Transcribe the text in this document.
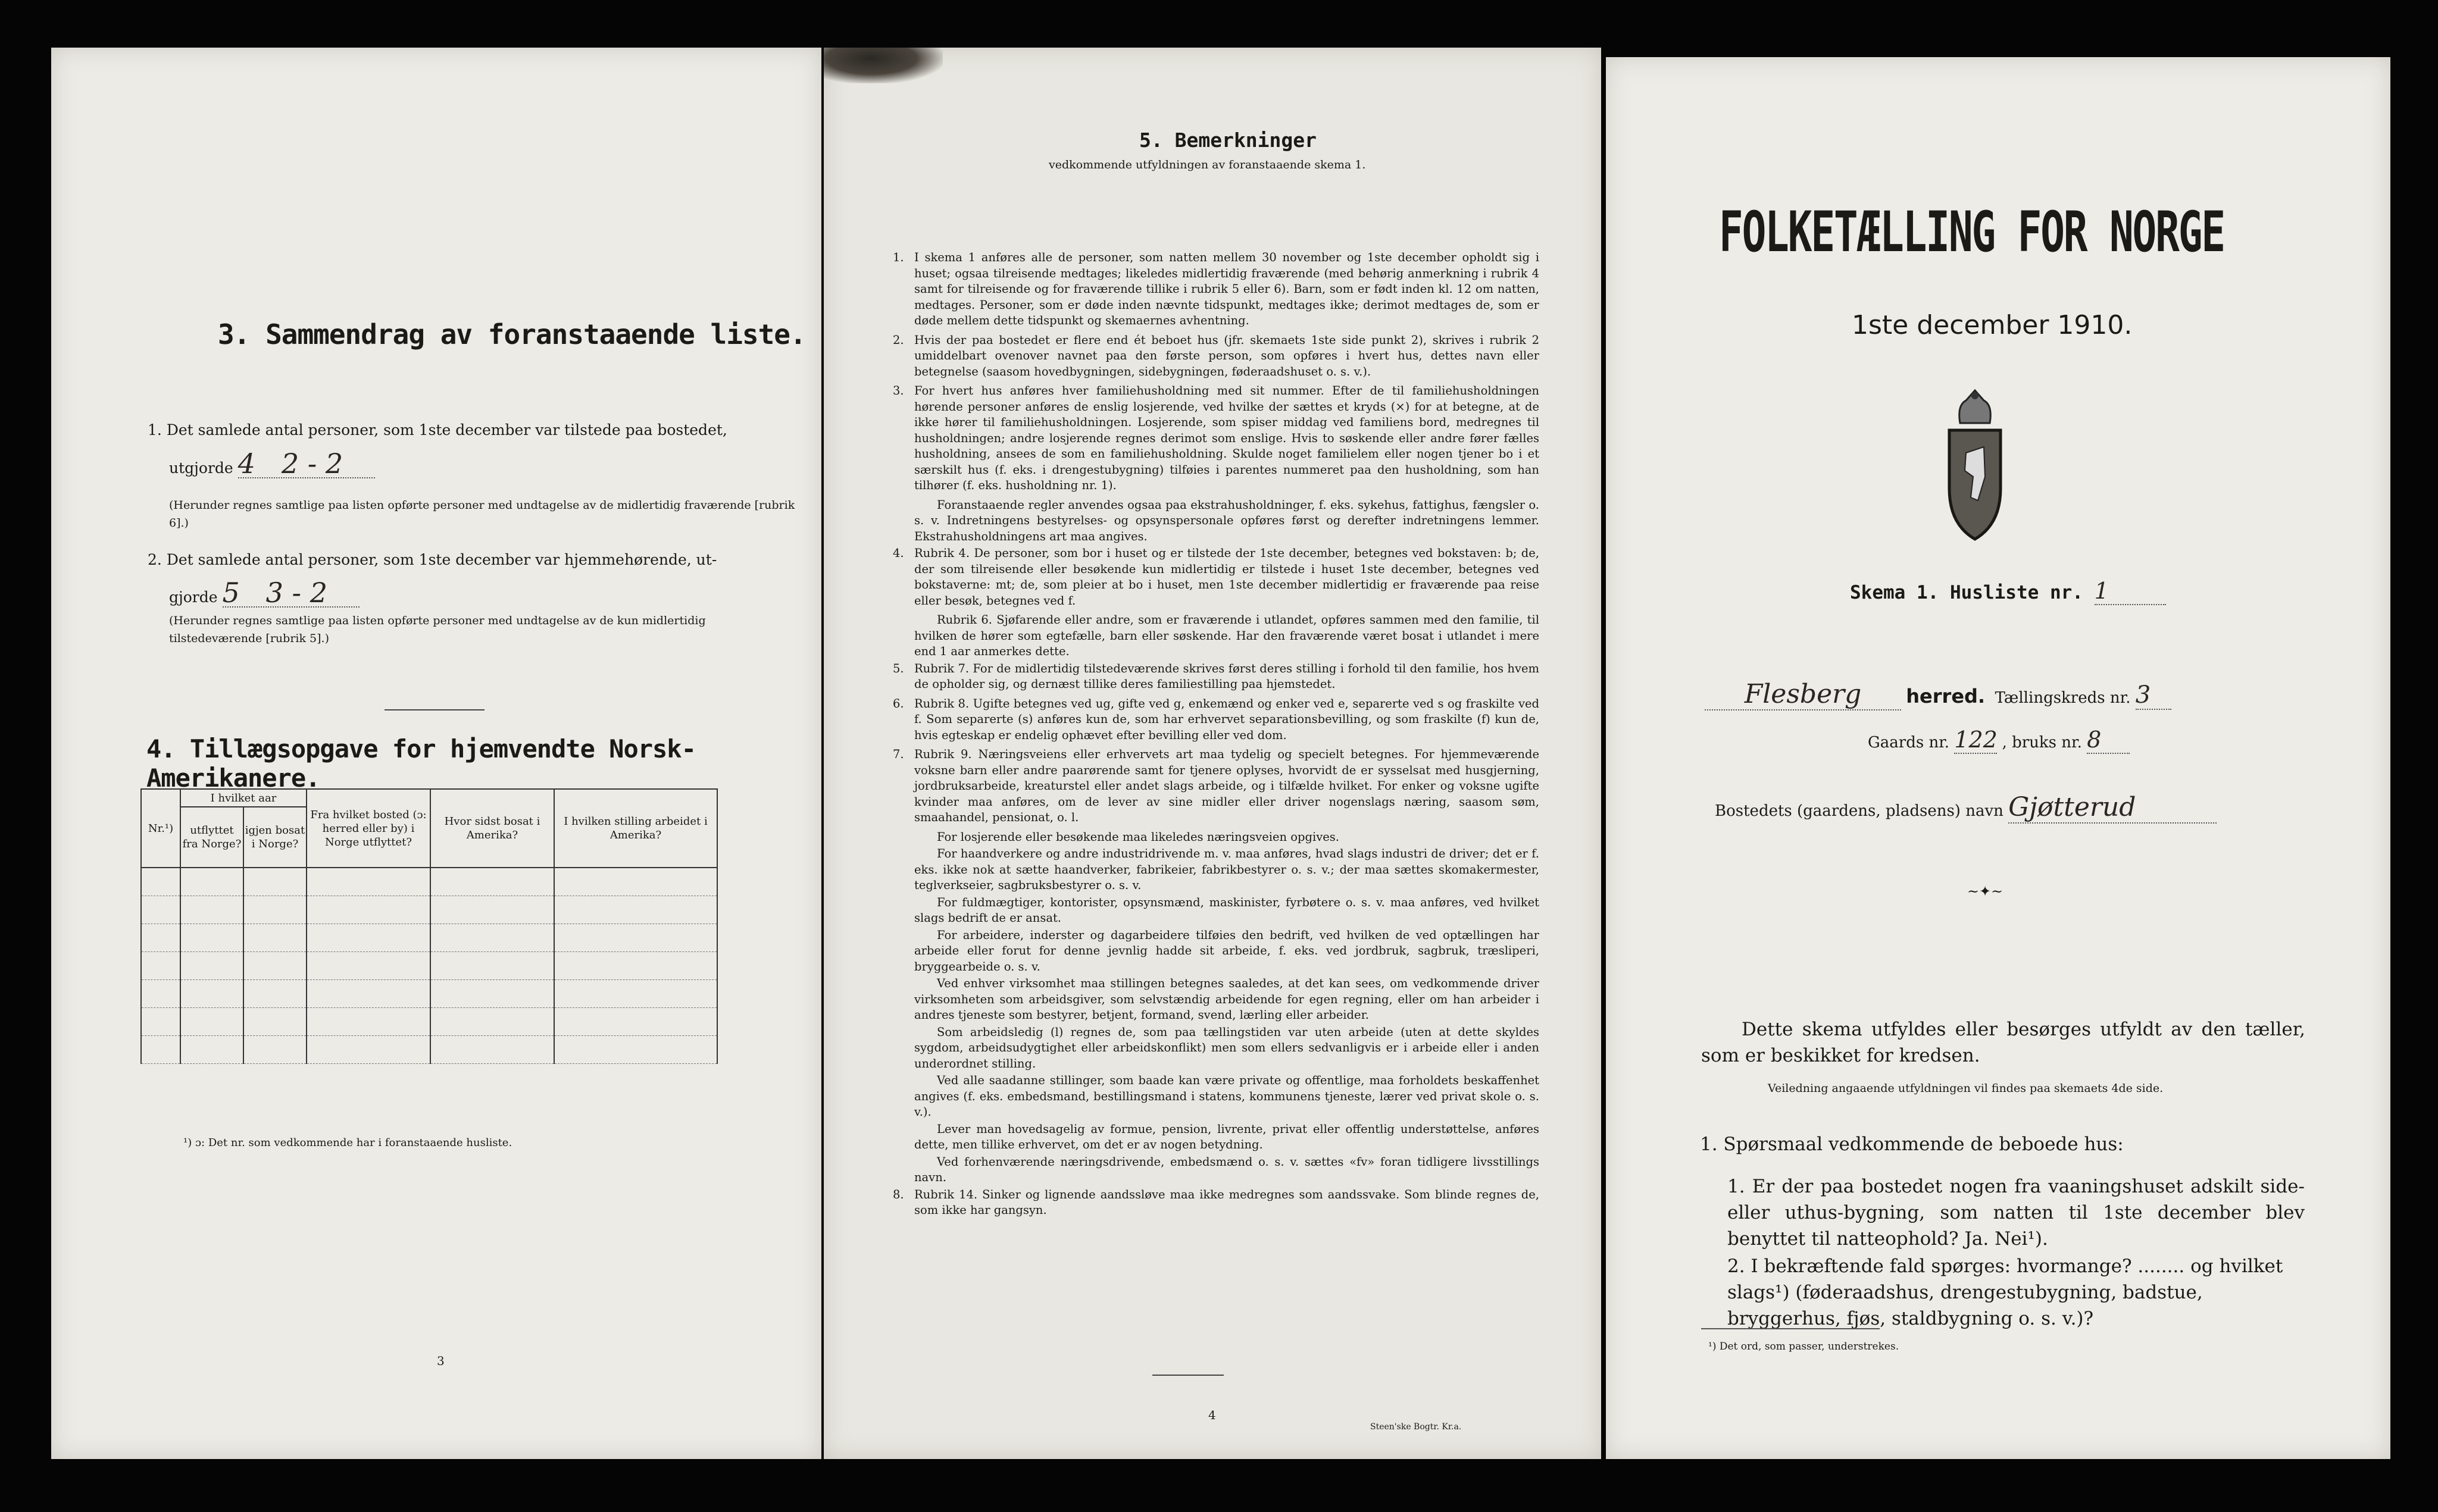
3. Sammendrag av foranstaaende liste.
1. Det samlede antal personer, som 1ste december var tilstede paa bostedet,
utgjorde 4 2 - 2
(Herunder regnes samtlige paa listen opførte personer med undtagelse av de midlertidig fraværende [rubrik 6].)
2. Det samlede antal personer, som 1ste december var hjemmehørende, ut-
gjorde 5 3 - 2
(Herunder regnes samtlige paa listen opførte personer med undtagelse av de kun midlertidig tilstedeværende [rubrik 5].)
4. Tillægsopgave for hjemvendte Norsk-Amerikanere.
Nr.¹)	I hvilket aar		Fra hvilket bosted (ɔ: herred eller by) i Norge utflyttet?	Hvor sidst bosat i Amerika?	I hvilken stilling arbeidet i Amerika?
	utflyttet fra Norge?	igjen bosat i Norge?			

¹) ɔ: Det nr. som vedkommende har i foranstaaende husliste.
3
5. Bemerkninger
vedkommende utfyldningen av foranstaaende skema 1.
1. I skema 1 anføres alle de personer, som natten mellem 30 november og 1ste december opholdt sig i huset; ogsaa tilreisende medtages; likeledes midlertidig fraværende (med behørig anmerkning i rubrik 4 samt for tilreisende og for fraværende tillike i rubrik 5 eller 6). Barn, som er født inden kl. 12 om natten, medtages. Personer, som er døde inden nævnte tidspunkt, medtages ikke; derimot medtages de, som er døde mellem dette tidspunkt og skemaernes avhentning.
2. Hvis der paa bostedet er flere end ét beboet hus (jfr. skemaets 1ste side punkt 2), skrives i rubrik 2 umiddelbart ovenover navnet paa den første person, som opføres i hvert hus, dettes navn eller betegnelse (saasom hovedbygningen, sidebygningen, føderaadshuset o. s. v.).
3. For hvert hus anføres hver familiehusholdning med sit nummer. Efter de til familiehusholdningen hørende personer anføres de enslig losjerende, ved hvilke der sættes et kryds (×) for at betegne, at de ikke hører til familiehusholdningen. Losjerende, som spiser middag ved familiens bord, medregnes til husholdningen; andre losjerende regnes derimot som enslige. Hvis to søskende eller andre fører fælles husholdning, ansees de som en familiehusholdning. Skulde noget familielem eller nogen tjener bo i et særskilt hus (f. eks. i drengestubygning) tilføies i parentes nummeret paa den husholdning, som han tilhører (f. eks. husholdning nr. 1).
Foranstaaende regler anvendes ogsaa paa ekstrahusholdninger, f. eks. sykehus, fattighus, fængsler o. s. v. Indretningens bestyrelses- og opsynspersonale opføres først og derefter indretningens lemmer. Ekstrahusholdningens art maa angives.
4. Rubrik 4. De personer, som bor i huset og er tilstede der 1ste december, betegnes ved bokstaven: b; de, der som tilreisende eller besøkende kun midlertidig er tilstede i huset 1ste december, betegnes ved bokstaverne: mt; de, som pleier at bo i huset, men 1ste december midlertidig er fraværende paa reise eller besøk, betegnes ved f.
Rubrik 6. Sjøfarende eller andre, som er fraværende i utlandet, opføres sammen med den familie, til hvilken de hører som egtefælle, barn eller søskende. Har den fraværende været bosat i utlandet i mere end 1 aar anmerkes dette.
5. Rubrik 7. For de midlertidig tilstedeværende skrives først deres stilling i forhold til den familie, hos hvem de opholder sig, og dernæst tillike deres familiestilling paa hjemstedet.
6. Rubrik 8. Ugifte betegnes ved ug, gifte ved g, enkemænd og enker ved e, separerte ved s og fraskilte ved f. Som separerte (s) anføres kun de, som har erhvervet separationsbevilling, og som fraskilte (f) kun de, hvis egteskap er endelig ophævet efter bevilling eller ved dom.
7. Rubrik 9. Næringsveiens eller erhvervets art maa tydelig og specielt betegnes. For hjemmeværende voksne barn eller andre paarørende samt for tjenere oplyses, hvorvidt de er sysselsat med husgjerning, jordbruksarbeide, kreaturstel eller andet slags arbeide, og i tilfælde hvilket. For enker og voksne ugifte kvinder maa anføres, om de lever av sine midler eller driver nogenslags næring, saasom søm, smaahandel, pensionat, o. l.
For losjerende eller besøkende maa likeledes næringsveien opgives.
For haandverkere og andre industridrivende m. v. maa anføres, hvad slags industri de driver; det er f. eks. ikke nok at sætte haandverker, fabrikeier, fabrikbestyrer o. s. v.; der maa sættes skomakermester, teglverkseier, sagbruksbestyrer o. s. v.
For fuldmægtiger, kontorister, opsynsmænd, maskinister, fyrbøtere o. s. v. maa anføres, ved hvilket slags bedrift de er ansat.
For arbeidere, inderster og dagarbeidere tilføies den bedrift, ved hvilken de ved optællingen har arbeide eller forut for denne jevnlig hadde sit arbeide, f. eks. ved jordbruk, sagbruk, træsliperi, bryggearbeide o. s. v.
Ved enhver virksomhet maa stillingen betegnes saaledes, at det kan sees, om vedkommende driver virksomheten som arbeidsgiver, som selvstændig arbeidende for egen regning, eller om han arbeider i andres tjeneste som bestyrer, betjent, formand, svend, lærling eller arbeider.
Som arbeidsledig (l) regnes de, som paa tællingstiden var uten arbeide (uten at dette skyldes sygdom, arbeidsudygtighet eller arbeidskonflikt) men som ellers sedvanligvis er i arbeide eller i anden underordnet stilling.
Ved alle saadanne stillinger, som baade kan være private og offentlige, maa forholdets beskaffenhet angives (f. eks. embedsmand, bestillingsmand i statens, kommunens tjeneste, lærer ved privat skole o. s. v.).
Lever man hovedsagelig av formue, pension, livrente, privat eller offentlig understøttelse, anføres dette, men tillike erhvervet, om det er av nogen betydning.
Ved forhenværende næringsdrivende, embedsmænd o. s. v. sættes «fv» foran tidligere livsstillings navn.
8. Rubrik 14. Sinker og lignende aandssløve maa ikke medregnes som aandssvake. Som blinde regnes de, som ikke har gangsyn.
4
Steen'ske Bogtr. Kr.a.
FOLKETÆLLING FOR NORGE
1ste december 1910.
Skema 1. Husliste nr. 1
Flesberg herred. Tællingskreds nr. 3
Gaards nr. 122 , bruks nr. 8
Bostedets (gaardens, pladsens) navn Gjøtterud
~✦~
Dette skema utfyldes eller besørges utfyldt av den tæller, som er beskikket for kredsen.
Veiledning angaaende utfyldningen vil findes paa skemaets 4de side.
1. Spørsmaal vedkommende de beboede hus:
1. Er der paa bostedet nogen fra vaaningshuset adskilt side- eller uthus-bygning, som natten til 1ste december blev benyttet til natteophold? Ja. Nei¹).
2. I bekræftende fald spørges: hvormange? ........ og hvilket slags¹) (føderaadshus, drengestubygning, badstue, bryggerhus, fjøs, staldbygning o. s. v.)?
¹) Det ord, som passer, understrekes.
